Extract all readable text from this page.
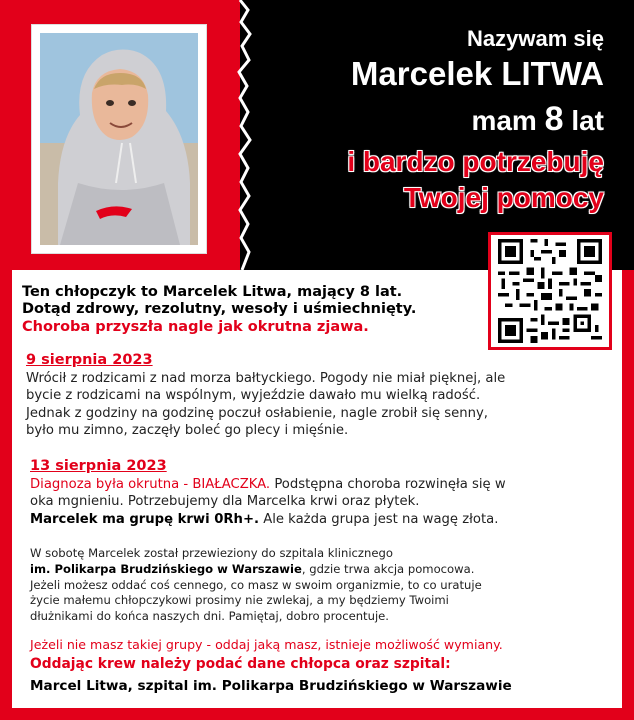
Nazywam się
Marcelek LITWA
mam 8 lat
i bardzo potrzebuję
Twojej pomocy
Ten chłopczyk to Marcelek Litwa, mający 8 lat.
Dotąd zdrowy, rezolutny, wesoły i uśmiechnięty.
Choroba przyszła nagle jak okrutna zjawa.
9 sierpnia 2023
Wrócił z rodzicami z nad morza bałtyckiego. Pogody nie miał pięknej, ale
bycie z rodzicami na wspólnym, wyjeździe dawało mu wielką radość.
Jednak z godziny na godzinę poczuł osłabienie, nagle zrobił się senny,
było mu zimno, zaczęły boleć go plecy i mięśnie.
13 sierpnia 2023
Diagnoza była okrutna - BIAŁACZKA. Podstępna choroba rozwinęła się w
oka mgnieniu. Potrzebujemy dla Marcelka krwi oraz płytek.
Marcelek ma grupę krwi 0Rh+. Ale każda grupa jest na wagę złota.
W sobotę Marcelek został przewieziony do szpitala klinicznego
im. Polikarpa Brudzińskiego w Warszawie, gdzie trwa akcja pomocowa.
Jeżeli możesz oddać coś cennego, co masz w swoim organizmie, to co uratuje
życie małemu chłopczykowi prosimy nie zwlekaj, a my będziemy Twoimi
dłużnikami do końca naszych dni. Pamiętaj, dobro procentuje.
Jeżeli nie masz takiej grupy - oddaj jaką masz, istnieje możliwość wymiany.
Oddając krew należy podać dane chłopca oraz szpital:
Marcel Litwa, szpital im. Polikarpa Brudzińskiego w Warszawie
